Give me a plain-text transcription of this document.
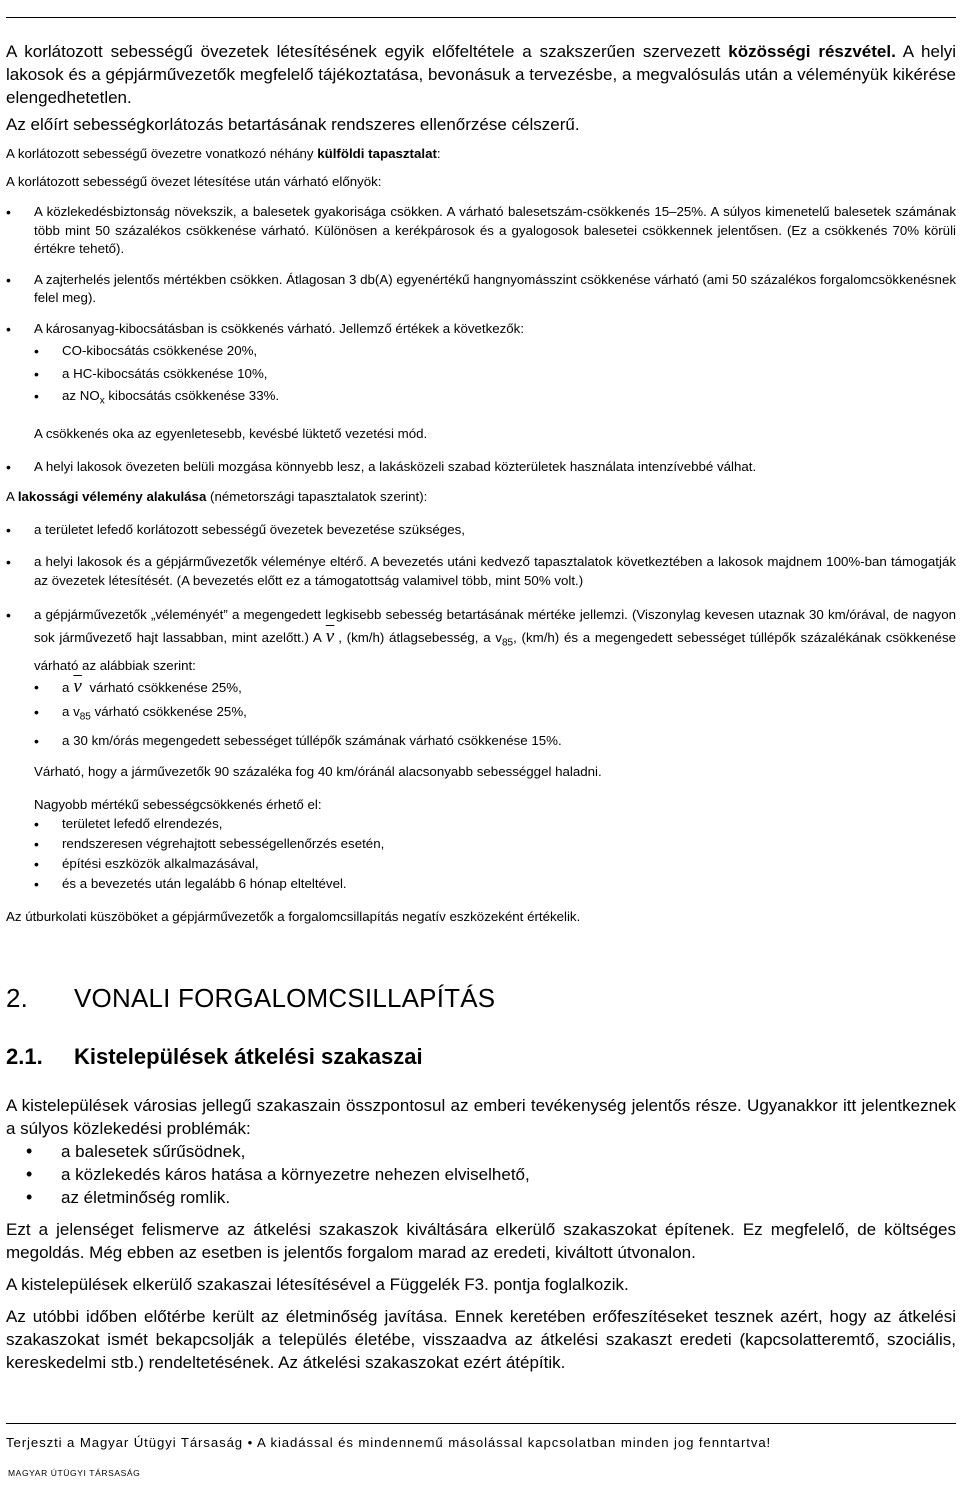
A korlátozott sebességű övezetek létesítésének egyik előfeltétele a szakszerűen szervezett közösségi részvétel. A helyi lakosok és a gépjárművezetők megfelelő tájékoztatása, bevonásuk a tervezésbe, a megvalósulás után a véleményük kikérése elengedhetetlen.

Az előírt sebességkorlátozás betartásának rendszeres ellenőrzése célszerű.

A korlátozott sebességű övezetre vonatkozó néhány külföldi tapasztalat:

A korlátozott sebességű övezet létesítése után várható előnyök:

• A közlekedésbiztonság növekszik, a balesetek gyakorisága csökken. A várható balesetszám-csökkenés 15–25%. A súlyos kimenetelű balesetek számának több mint 50 százalékos csökkenése várható. Különösen a kerékpárosok és a gyalogosok balesetei csökkennek jelentősen. (Ez a csökkenés 70% körüli értékre tehető).
• A zajterhelés jelentős mértékben csökken. Átlagosan 3 db(A) egyenértékű hangnyomásszint csökkenése várható (ami 50 százalékos forgalomcsökkenésnek felel meg).
• A károsanyag-kibocsátásban is csökkenés várható. Jellemző értékek a következők:
• CO-kibocsátás csökkenése 20%,
• a HC-kibocsátás csökkenése 10%,
• az $NO_x$ kibocsátás csökkenése 33%.

A csökkenés oka az egyenletesebb, kevésbé lüktető vezetési mód.

• A helyi lakosok övezeten belüli mozgása könnyebb lesz, a lakásközeli szabad közterületek használata intenzívebbé válhat.

A lakossági vélemény alakulása (németországi tapasztalatok szerint):

• a területet lefedő korlátozott sebességű övezetek bevezetése szükséges,
• a helyi lakosok és a gépjárművezetők véleménye eltérő. A bevezetés utáni kedvező tapasztalatok következtében a lakosok majdnem 100%-ban támogatják az övezetek létesítését. (A bevezetés előtt ez a támogatottság valamivel több, mint 50% volt.)
• a gépjárművezetők „véleményét” a megengedett legkisebb sebesség betartásának mértéke jellemzi. (Viszonylag kevesen utaznak 30 km/órával, de nagyon sok járművezető hajt lassabban, mint azelőtt.) A $\overline{v}$ , (km/h) átlagsebesség, a $v_{85}$, (km/h) és a megengedett sebességet túllépők százalékának csökkenése várható az alábbiak szerint:
• a $\overline{v}$ várható csökkenése 25%,
• a $v_{85}$ várható csökkenése 25%,
• a 30 km/órás megengedett sebességet túllépők számának várható csökkenése 15%.

Várható, hogy a járművezetők 90 százaléka fog 40 km/óránál alacsonyabb sebességgel haladni.

Nagyobb mértékű sebességcsökkenés érhető el:

• területet lefedő elrendezés,
• rendszeresen végrehajtott sebességellenőrzés esetén,
• építési eszközök alkalmazásával,
• és a bevezetés után legalább 6 hónap elteltével.

Az útburkolati küszöböket a gépjárművezetők a forgalomcsillapítás negatív eszközeként értékelik.

2.	VONALI FORGALOMCSILLAPÍTÁS
2.1.	Kistelepülések átkelési szakaszai

A kistelepülések városias jellegű szakaszain összpontosul az emberi tevékenység jelentős része. Ugyanakkor itt jelentkeznek a súlyos közlekedési problémák:

• a balesetek sűrűsödnek,
• a közlekedés káros hatása a környezetre nehezen elviselhető,
• az életminőség romlik.

Ezt a jelenséget felismerve az átkelési szakaszok kiváltására elkerülő szakaszokat építenek. Ez megfelelő, de költséges megoldás. Még ebben az esetben is jelentős forgalom marad az eredeti, kiváltott útvonalon.

A kistelepülések elkerülő szakaszai létesítésével a Függelék F3. pontja foglalkozik.

Az utóbbi időben előtérbe került az életminőség javítása. Ennek keretében erőfeszítéseket tesznek azért, hogy az átkelési szakaszokat ismét bekapcsolják a település életébe, visszaadva az átkelési szakaszt eredeti (kapcsolatteremtő, szociális, kereskedelmi stb.) rendeltetésének. Az átkelési szakaszokat ezért átépítik.

Terjeszti a Magyar Útügyi Társaság • A kiadással és mindennemű másolással kapcsolatban minden jog fenntartva!
MAGYAR ÚTÜGYI TÁRSASÁG
